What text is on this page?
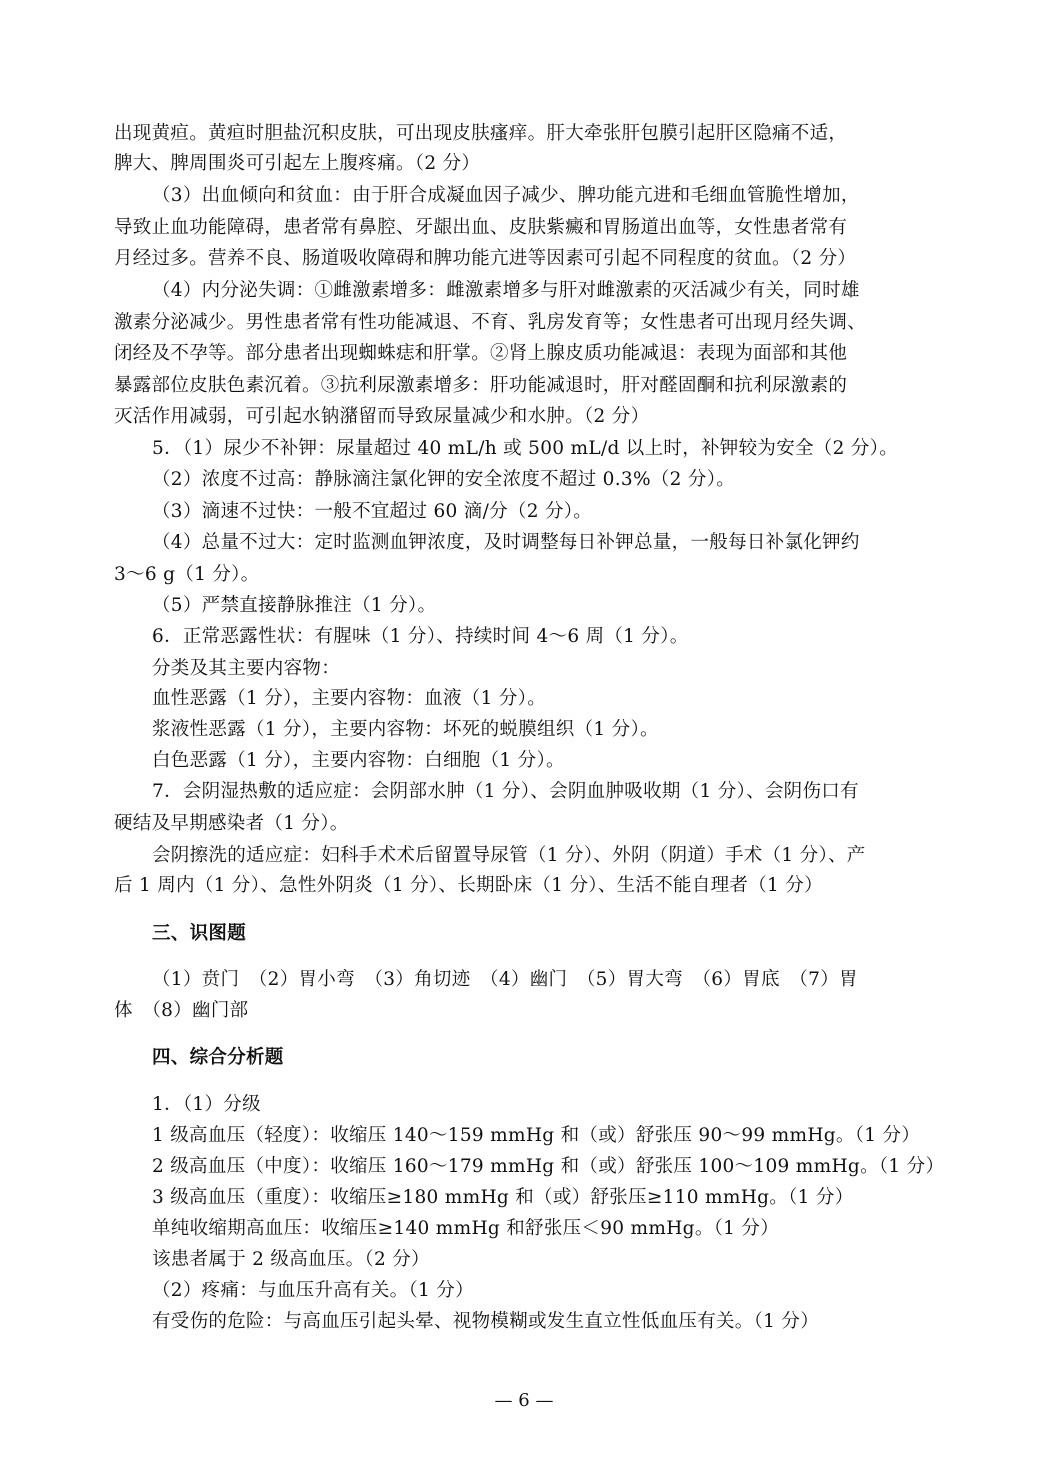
出现黄疸。黄疸时胆盐沉积皮肤，可出现皮肤瘙痒。肝大牵张肝包膜引起肝区隐痛不适，
脾大、脾周围炎可引起左上腹疼痛。（2 分）
（3）出血倾向和贫血：由于肝合成凝血因子减少、脾功能亢进和毛细血管脆性增加，
导致止血功能障碍，患者常有鼻腔、牙龈出血、皮肤紫癜和胃肠道出血等，女性患者常有
月经过多。营养不良、肠道吸收障碍和脾功能亢进等因素可引起不同程度的贫血。（2 分）
（4）内分泌失调：①雌激素增多：雌激素增多与肝对雌激素的灭活减少有关，同时雄
激素分泌减少。男性患者常有性功能减退、不育、乳房发育等；女性患者可出现月经失调、
闭经及不孕等。部分患者出现蜘蛛痣和肝掌。②肾上腺皮质功能减退：表现为面部和其他
暴露部位皮肤色素沉着。③抗利尿激素增多：肝功能减退时，肝对醛固酮和抗利尿激素的
灭活作用减弱，可引起水钠潴留而导致尿量减少和水肿。（2 分）
5．（1）尿少不补钾：尿量超过 40 mL/h 或 500 mL/d 以上时，补钾较为安全（2 分）。
（2）浓度不过高：静脉滴注氯化钾的安全浓度不超过 0.3%（2 分）。
（3）滴速不过快：一般不宜超过 60 滴/分（2 分）。
（4）总量不过大：定时监测血钾浓度，及时调整每日补钾总量，一般每日补氯化钾约
3～6 g（1 分）。
（5）严禁直接静脉推注（1 分）。
6．正常恶露性状：有腥味（1 分）、持续时间 4～6 周（1 分）。
分类及其主要内容物：
血性恶露（1 分），主要内容物：血液（1 分）。
浆液性恶露（1 分），主要内容物：坏死的蜕膜组织（1 分）。
白色恶露（1 分），主要内容物：白细胞（1 分）。
7．会阴湿热敷的适应症：会阴部水肿（1 分）、会阴血肿吸收期（1 分）、会阴伤口有
硬结及早期感染者（1 分）。
会阴擦洗的适应症：妇科手术术后留置导尿管（1 分）、外阴（阴道）手术（1 分）、产
后 1 周内（1 分）、急性外阴炎（1 分）、长期卧床（1 分）、生活不能自理者（1 分）
三、识图题
（1）贲门　（2）胃小弯　（3）角切迹　（4）幽门　（5）胃大弯　（6）胃底　（7）胃
体　（8）幽门部
四、综合分析题
1．（1）分级
1 级高血压（轻度）：收缩压 140～159 mmHg 和（或）舒张压 90～99 mmHg。（1 分）
2 级高血压（中度）：收缩压 160～179 mmHg 和（或）舒张压 100～109 mmHg。（1 分）
3 级高血压（重度）：收缩压≥180 mmHg 和（或）舒张压≥110 mmHg。（1 分）
单纯收缩期高血压：收缩压≥140 mmHg 和舒张压＜90 mmHg。（1 分）
该患者属于 2 级高血压。（2 分）
（2）疼痛：与血压升高有关。（1 分）
有受伤的危险：与高血压引起头晕、视物模糊或发生直立性低血压有关。（1 分）
— 6 —
